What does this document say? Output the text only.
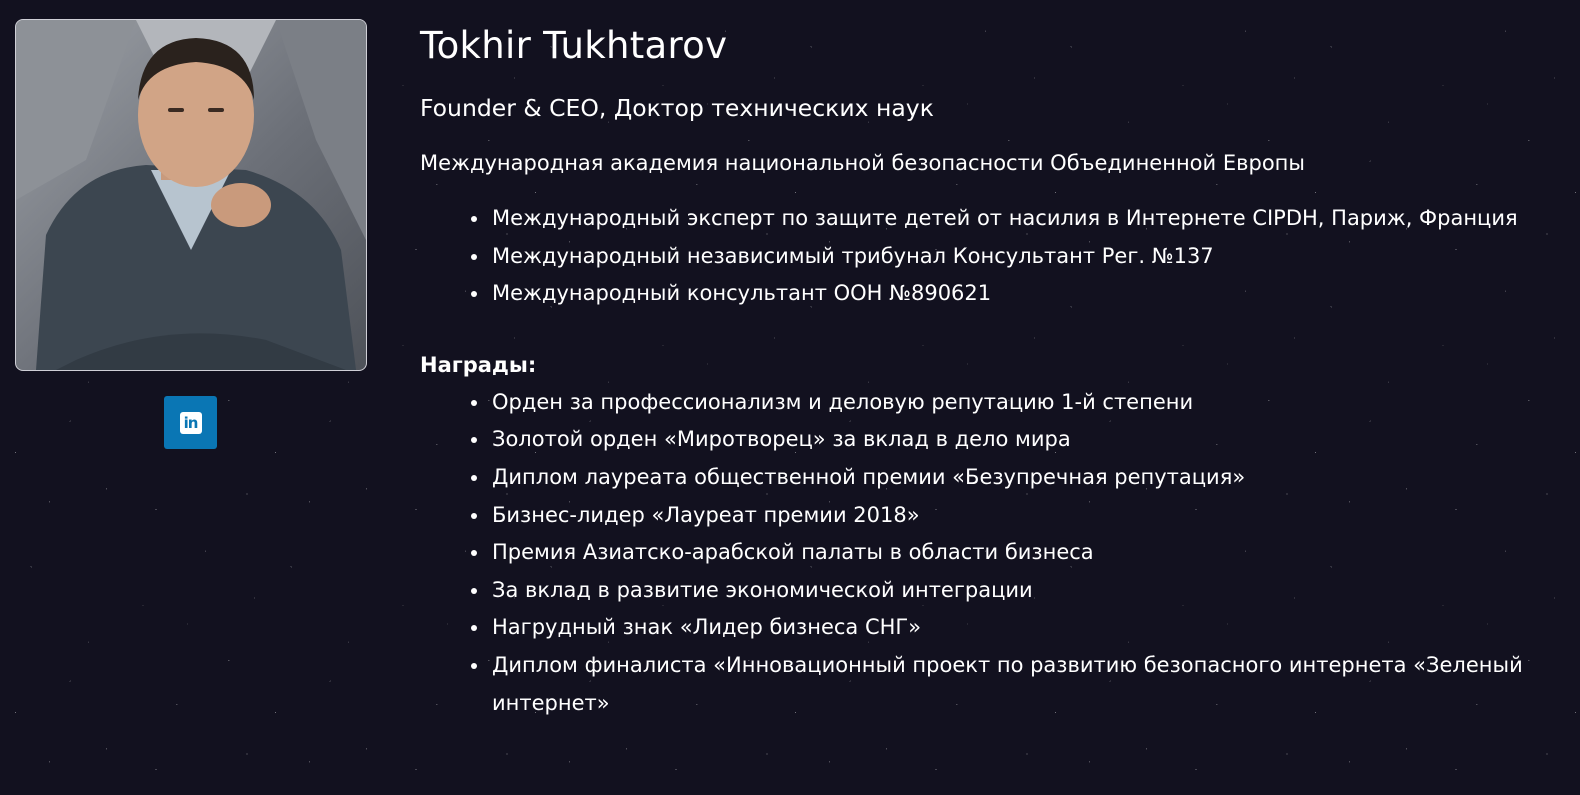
in
Tokhir Tukhtarov

Founder & CEO, Доктор технических наук

Международная академия национальной безопасности Объединенной Европы

Международный эксперт по защите детей от насилия в Интернете CIPDH, Париж, Франция
Международный независимый трибунал Консультант Рег. №137
Международный консультант ООН №890621

Награды:

Орден за профессионализм и деловую репутацию 1-й степени
Золотой орден «Миротворец» за вклад в дело мира
Диплом лауреата общественной премии «Безупречная репутация»
Бизнес-лидер «Лауреат премии 2018»
Премия Азиатско-арабской палаты в области бизнеса
За вклад в развитие экономической интеграции
Нагрудный знак «Лидер бизнеса СНГ»
Диплом финалиста «Инновационный проект по развитию безопасного интернета «Зеленый интернет»
